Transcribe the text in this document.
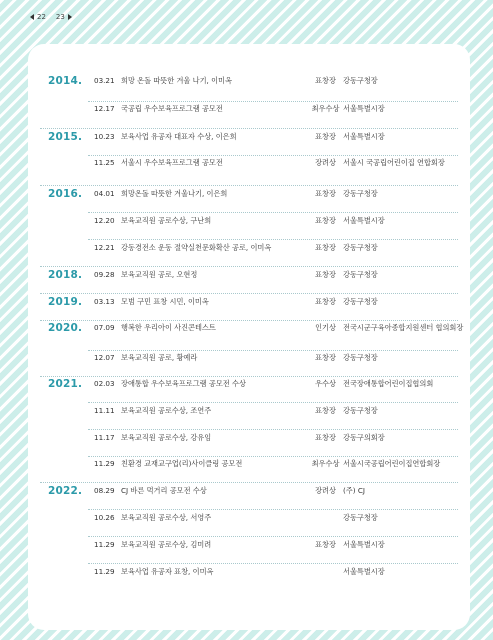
22 23
2014.	03.21 희망 온돌 따뜻한 겨울 나기, 이미옥	표창장 강동구청장
12.17 국공립 우수보육프로그램 공모전	최우수상 서울특별시장
2015.	10.23 보육사업 유공자 대표자 수상, 이은희	표창장 서울특별시장
11.25 서울시 우수보육프로그램 공모전	장려상 서울시 국공립어린이집 연합회장
2016.	04.01 희망온돌 따뜻한 겨울나기, 이은희	표창장 강동구청장
12.20 보육교직원 공로수상, 구난희	표창장 서울특별시장
12.21 강동경전소 운동 절약실천문화확산 공로, 이미옥	표창장 강동구청장
2018.	09.28 보육교직원 공로, 오현정	표창장 강동구청장
2019.	03.13 모범 구민 표창 시민, 이미옥	표창장 강동구청장
2020.	07.09 행복한 우리아이 사진콘테스트	인기상 전국시군구육아종합지원센터 협의회장
12.07 보육교직원 공로, 황예라	표창장 강동구청장
2021.	02.03 장애통합 우수보육프로그램 공모전 수상	우수상 전국장애통합어린이집협의회
11.11 보육교직원 공로수상, 조연주	표창장 강동구청장
11.17 보육교직원 공로수상, 강유임	표창장 강동구의회장
11.29 친환경 교재교구업(리)사이클링 공모전	최우수상 서울시국공립어린이집연합회장
2022.	08.29 CJ 바른 먹거리 공모전 수상	장려상 (주) CJ
10.26 보육교직원 공로수상, 서영주	강동구청장
11.29 보육교직원 공로수상, 김미려	표창장 서울특별시장
11.29 보육사업 유공자 표창, 이미옥	서울특별시장
